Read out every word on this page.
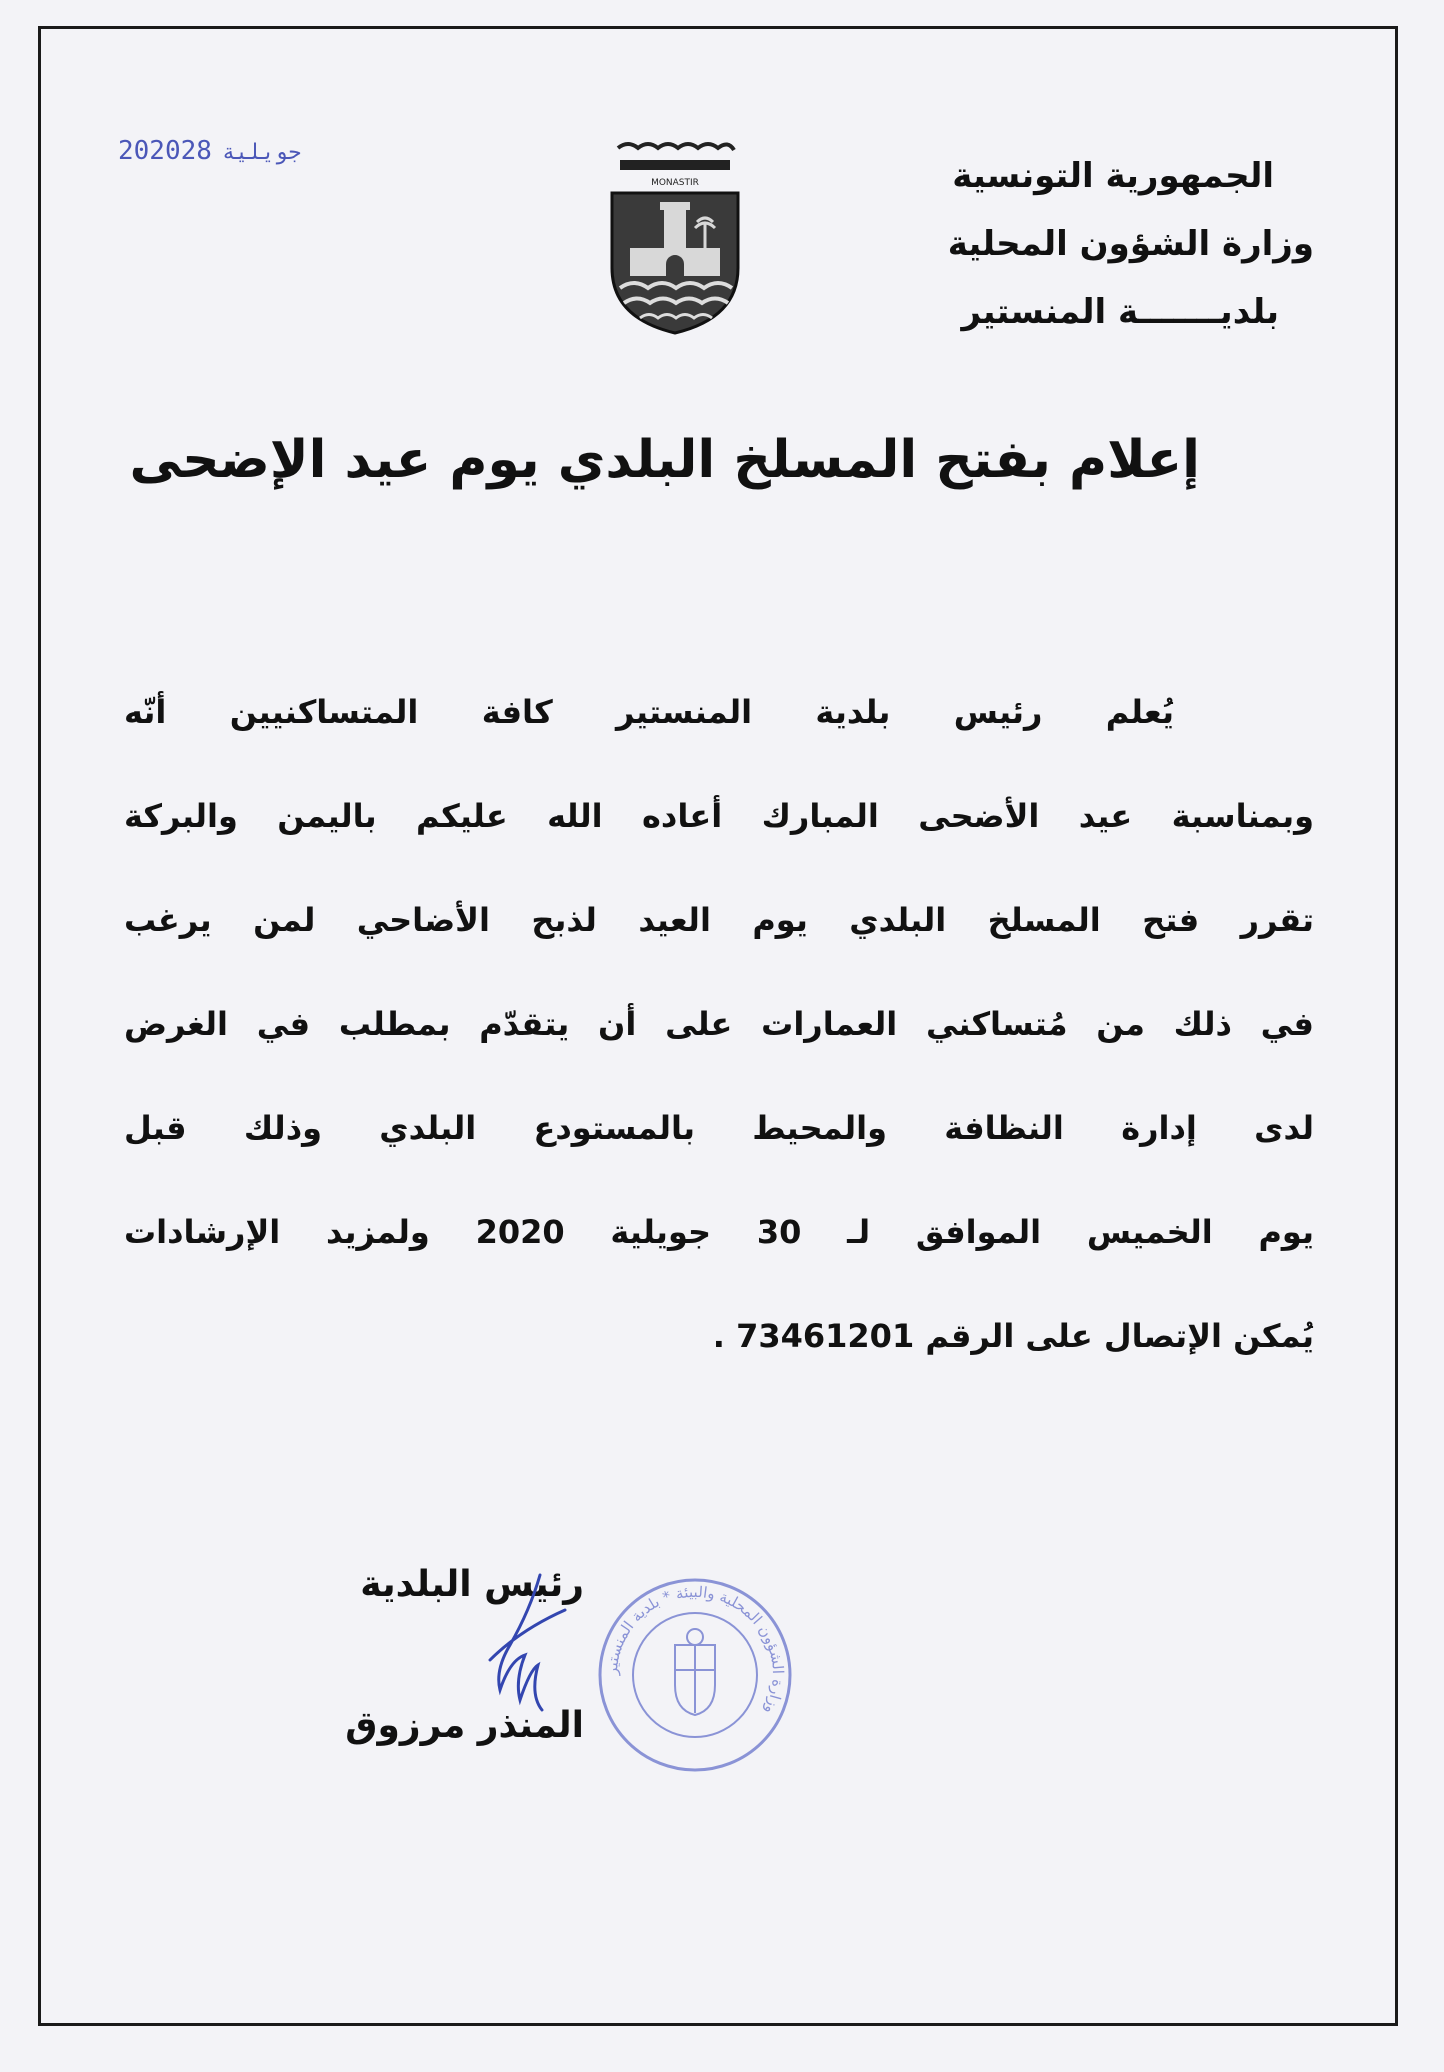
2020 جويلية28
MONASTIR	الجمهورية التونسية
وزارة الشؤون المحلية
بلديـــــــة المنستير
إعلام بفتح المسلخ البلدي يوم عيد الإضحى
يُعلم رئيس بلدية المنستير كافة المتساكنيين أنّه
وبمناسبة عيد الأضحى المبارك أعاده الله عليكم باليمن والبركة
تقرر فتح المسلخ البلدي يوم العيد لذبح الأضاحي لمن يرغب
في ذلك من مُتساكني العمارات على أن يتقدّم بمطلب في الغرض
لدى إدارة النظافة والمحيط بالمستودع البلدي وذلك قبل
يوم الخميس الموافق لـ 30 جويلية 2020 ولمزيد الإرشادات
يُمكن الإتصال على الرقم 73461201 .
رئيس البلدية
المنذر مرزوق
وزارة الشؤون المحلية والبيئة * بلدية المنستير
